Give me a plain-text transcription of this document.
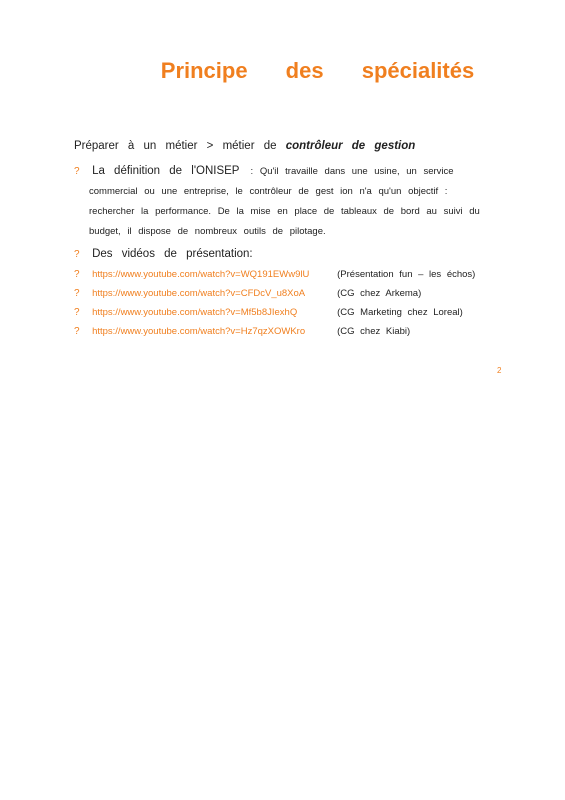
Principe des spécialités
Préparer à un métier > métier de contrôleur de gestion
? La définition de l'ONISEP : Qu'il travaille dans une usine, un service
commercial ou une entreprise, le contrôleur de gest ion n'a qu'un objectif :
rechercher la performance. De la mise en place de tableaux de bord au suivi du
budget, il dispose de nombreux outils de pilotage.
? Des vidéos de présentation:
? https://www.youtube.com/watch?v=WQ191EWw9lU	(Présentation fun – les échos)
? https://www.youtube.com/watch?v=CFDcV_u8XoA	(CG chez Arkema)
? https://www.youtube.com/watch?v=Mf5b8JIexhQ	(CG Marketing chez Loreal)
? https://www.youtube.com/watch?v=Hz7qzXOWKro	(CG chez Kiabi)
2
